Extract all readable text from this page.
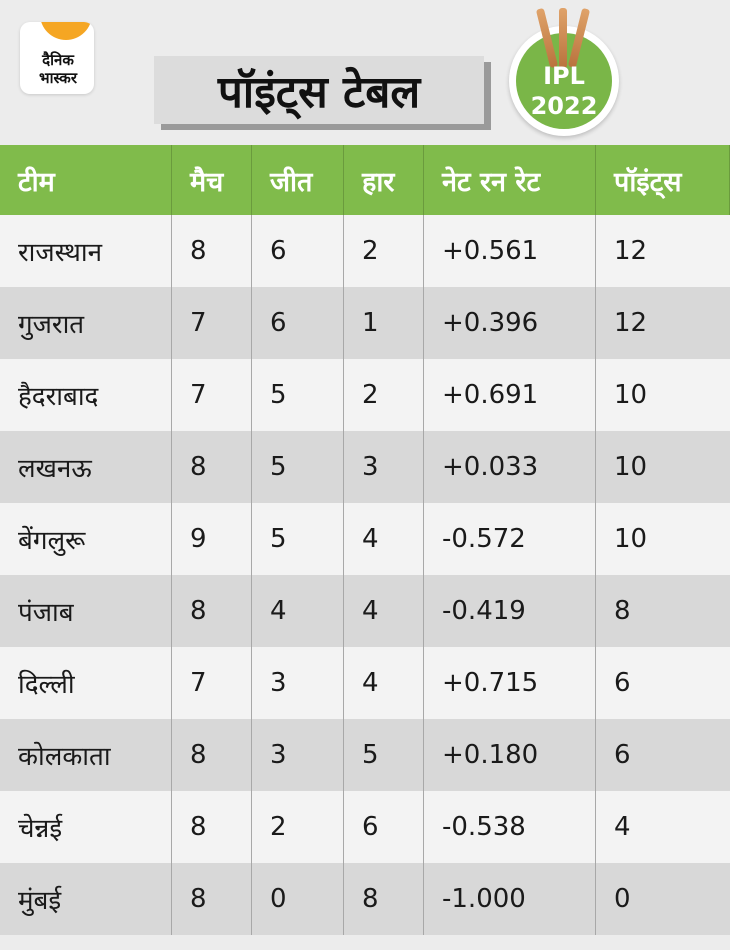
दैनिक
भास्कर	पॉइंट्स टेबल	IPL
2022
टीम	मैच	जीत	हार	नेट रन रेट	पॉइंट्स
राजस्थान	8	6	2	+0.561	12
गुजरात	7	6	1	+0.396	12
हैदराबाद	7	5	2	+0.691	10
लखनऊ	8	5	3	+0.033	10
बेंगलुरू	9	5	4	-0.572	10
पंजाब	8	4	4	-0.419	8
दिल्ली	7	3	4	+0.715	6
कोलकाता	8	3	5	+0.180	6
चेन्नई	8	2	6	-0.538	4
मुंबई	8	0	8	-1.000	0
